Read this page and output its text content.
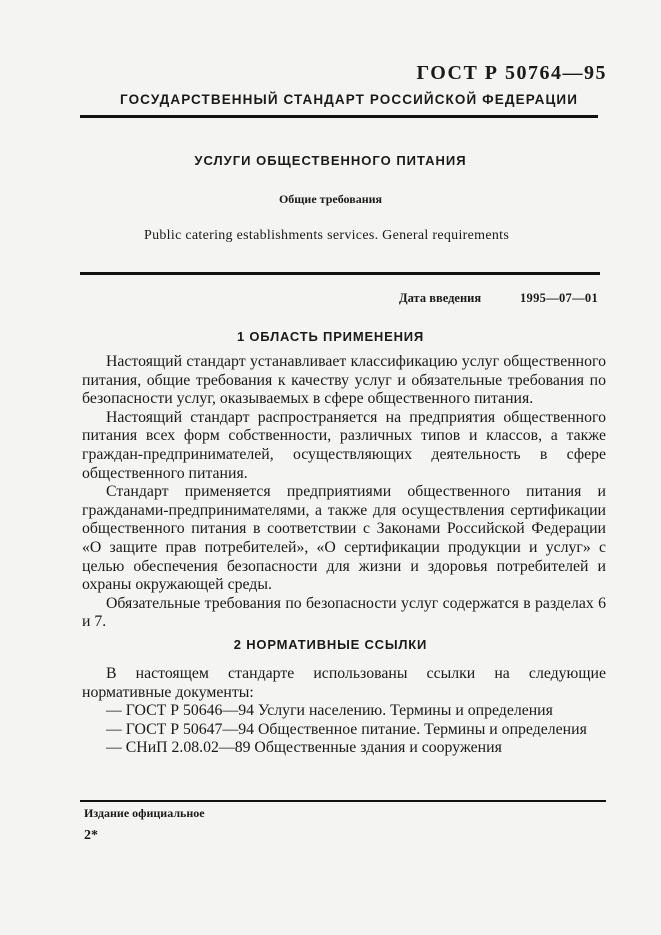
ГОСТ Р 50764—95
ГОСУДАРСТВЕННЫЙ СТАНДАРТ РОССИЙСКОЙ ФЕДЕРАЦИИ
УСЛУГИ ОБЩЕСТВЕННОГО ПИТАНИЯ
Общие требования
Public catering establishments services. General requirements
Дата введения	1995—07—01
1 ОБЛАСТЬ ПРИМЕНЕНИЯ

Настоящий стандарт устанавливает классификацию услуг общественного питания, общие требования к качеству услуг и обязательные требования по безопасности услуг, оказываемых в сфере общественного питания.

Настоящий стандарт распространяется на предприятия общественного питания всех форм собственности, различных типов и классов, а также граждан-предпринимателей, осуществляющих деятельность в сфере общественного питания.

Стандарт применяется предприятиями общественного питания и гражданами-предпринимателями, а также для осуществления сертификации общественного питания в соответствии с Законами Российской Федерации «О защите прав потребителей», «О сертификации продукции и услуг» с целью обеспечения безопасности для жизни и здоровья потребителей и охраны окружающей среды.

Обязательные требования по безопасности услуг содержатся в разделах 6 и 7.

2 НОРМАТИВНЫЕ ССЫЛКИ

В настоящем стандарте использованы ссылки на следующие нормативные документы:

— ГОСТ Р 50646—94 Услуги населению. Термины и определения

— ГОСТ Р 50647—94 Общественное питание. Термины и определения

— СНиП 2.08.02—89 Общественные здания и сооружения

Издание официальное
2*
